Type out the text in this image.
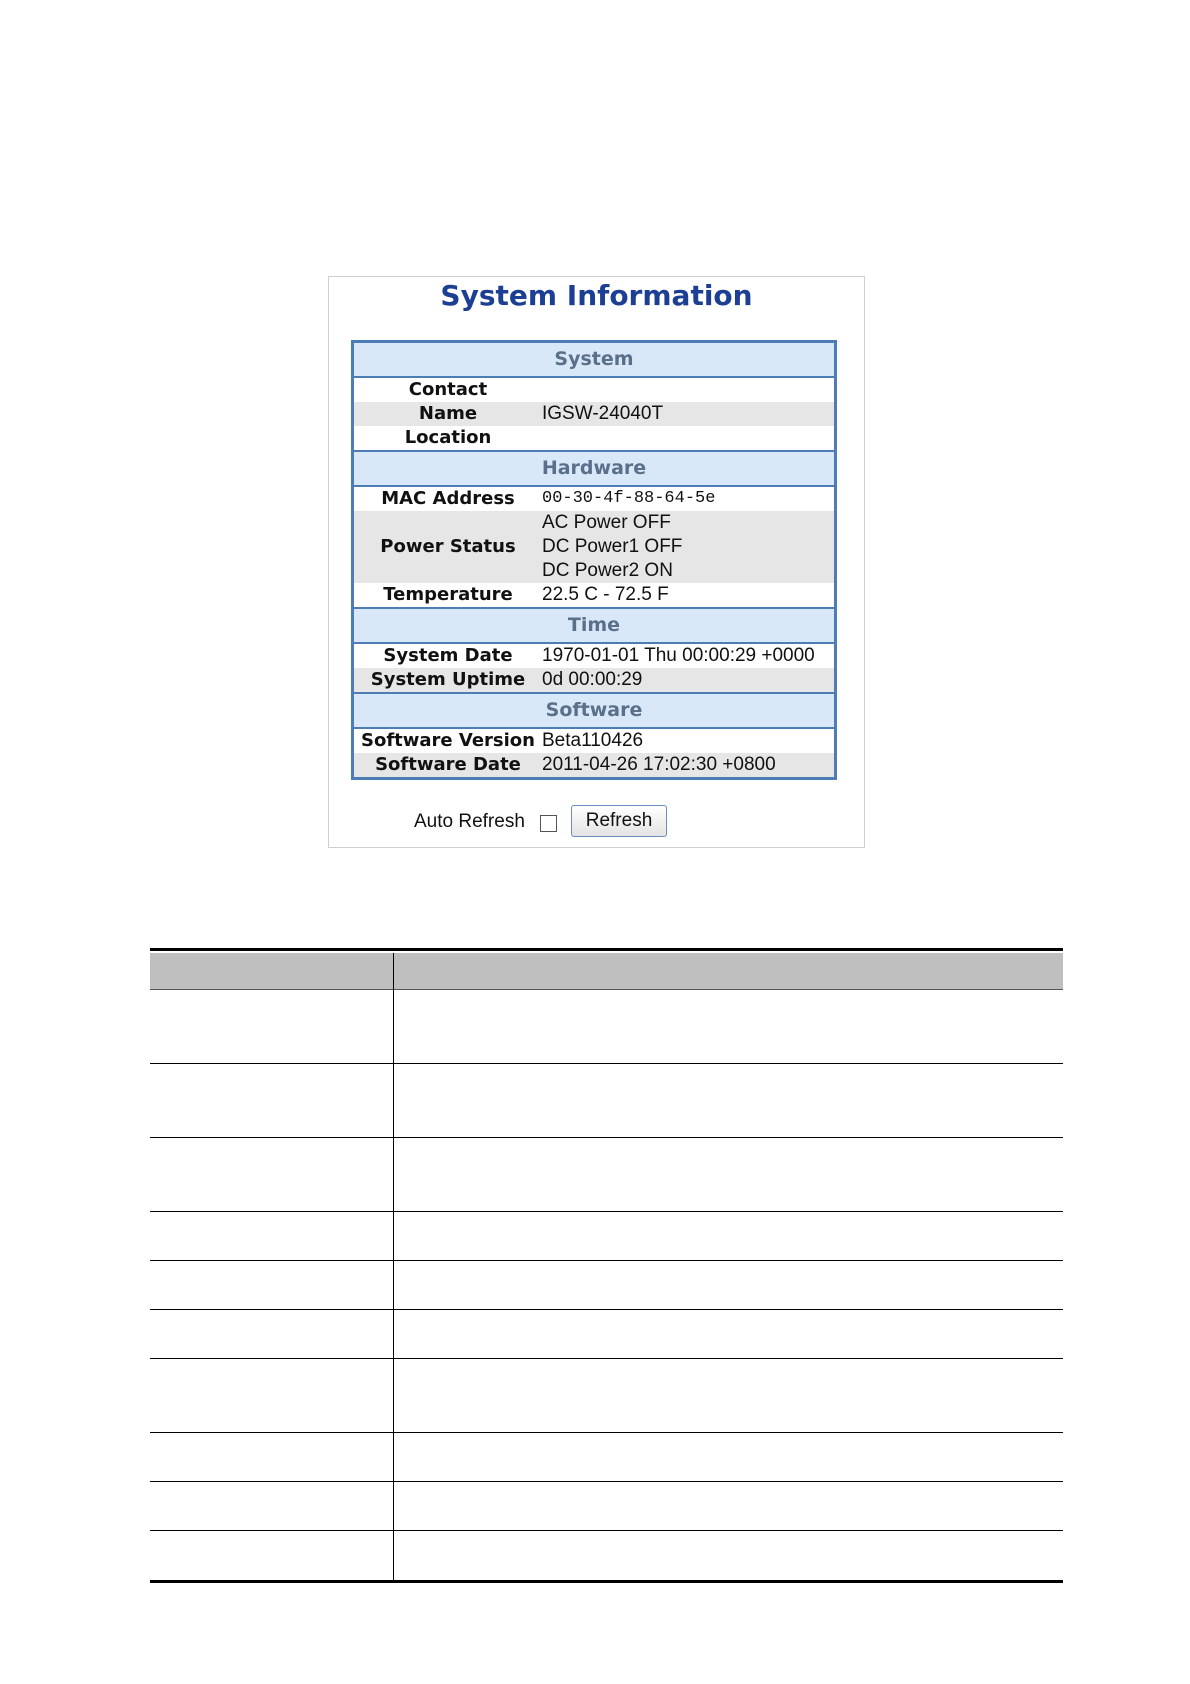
System Information
System
Contact
Name	IGSW-24040T
Location
Hardware
MAC Address	00-30-4f-88-64-5e
Power Status
AC Power OFF
DC Power1 OFF
DC Power2 ON
Temperature	22.5 C - 72.5 F
Time
System Date	1970-01-01 Thu 00:00:29 +0000
System Uptime 0d 00:00:29
Software
Software Version Beta110426
Software Date	2011-04-26 17:02:30 +0800
Auto Refresh	Refresh
